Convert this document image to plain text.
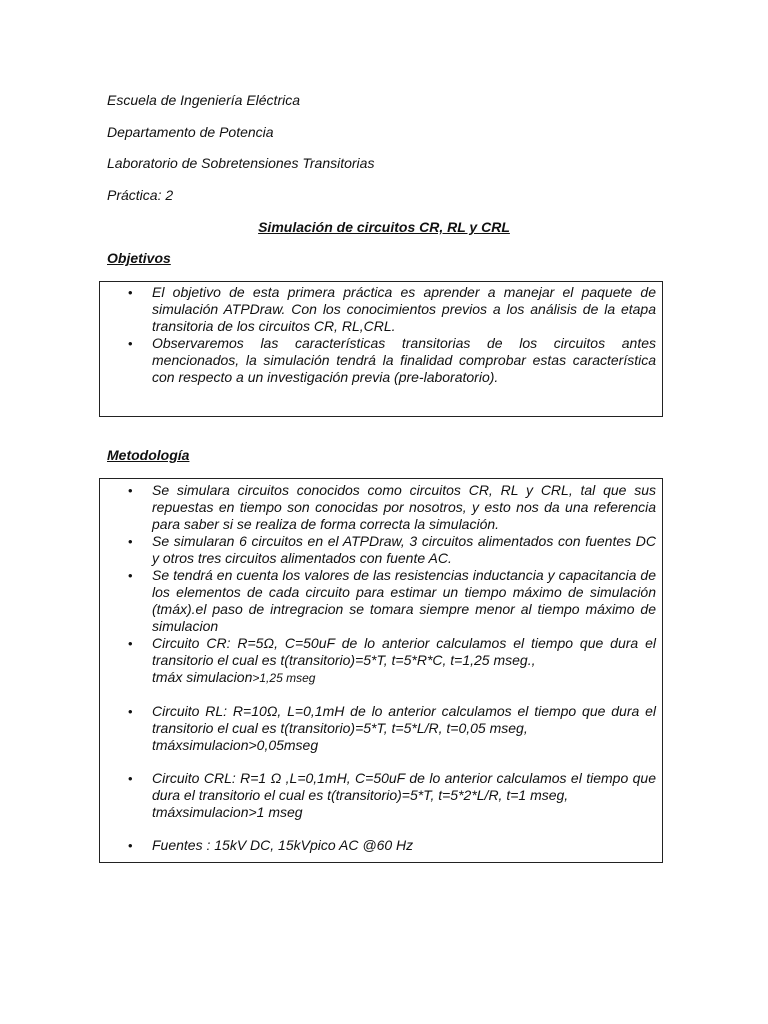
Escuela de Ingeniería Eléctrica
Departamento de Potencia
Laboratorio de Sobretensiones Transitorias
Práctica: 2
Simulación de circuitos CR, RL y CRL
Objetivos
• El objetivo de esta primera práctica es aprender a manejar el paquete de simulación ATPDraw. Con los conocimientos previos a los análisis de la etapa transitoria de los circuitos CR, RL,CRL.
• Observaremos las características transitorias de los circuitos antes mencionados, la simulación tendrá la finalidad comprobar estas característica con respecto a un investigación previa (pre-laboratorio).
Metodología
• Se simulara circuitos conocidos como circuitos CR, RL y CRL, tal que sus repuestas en tiempo son conocidas por nosotros, y esto nos da una referencia para saber si se realiza de forma correcta la simulación.
• Se simularan 6 circuitos en el ATPDraw, 3 circuitos alimentados con fuentes DC y otros tres circuitos alimentados con fuente AC.
• Se tendrá en cuenta los valores de las resistencias inductancia y capacitancia de los elementos de cada circuito para estimar un tiempo máximo de simulación (tmáx).el paso de intregracion se tomara siempre menor al tiempo máximo de simulacion
• Circuito CR: R=5Ω, C=50uF de lo anterior calculamos el tiempo que dura el transitorio el cual es t(transitorio)=5*T, t=5*R*C, t=1,25 mseg.,
tmáx simulacion>1,25 mseg
• Circuito RL: R=10Ω, L=0,1mH de lo anterior calculamos el tiempo que dura el transitorio el cual es t(transitorio)=5*T, t=5*L/R, t=0,05 mseg,
tmáxsimulacion>0,05mseg
• Circuito CRL: R=1 Ω ,L=0,1mH, C=50uF de lo anterior calculamos el tiempo que dura el transitorio el cual es t(transitorio)=5*T, t=5*2*L/R, t=1 mseg,
tmáxsimulacion>1 mseg
• Fuentes : 15kV DC, 15kVpico AC @60 Hz
